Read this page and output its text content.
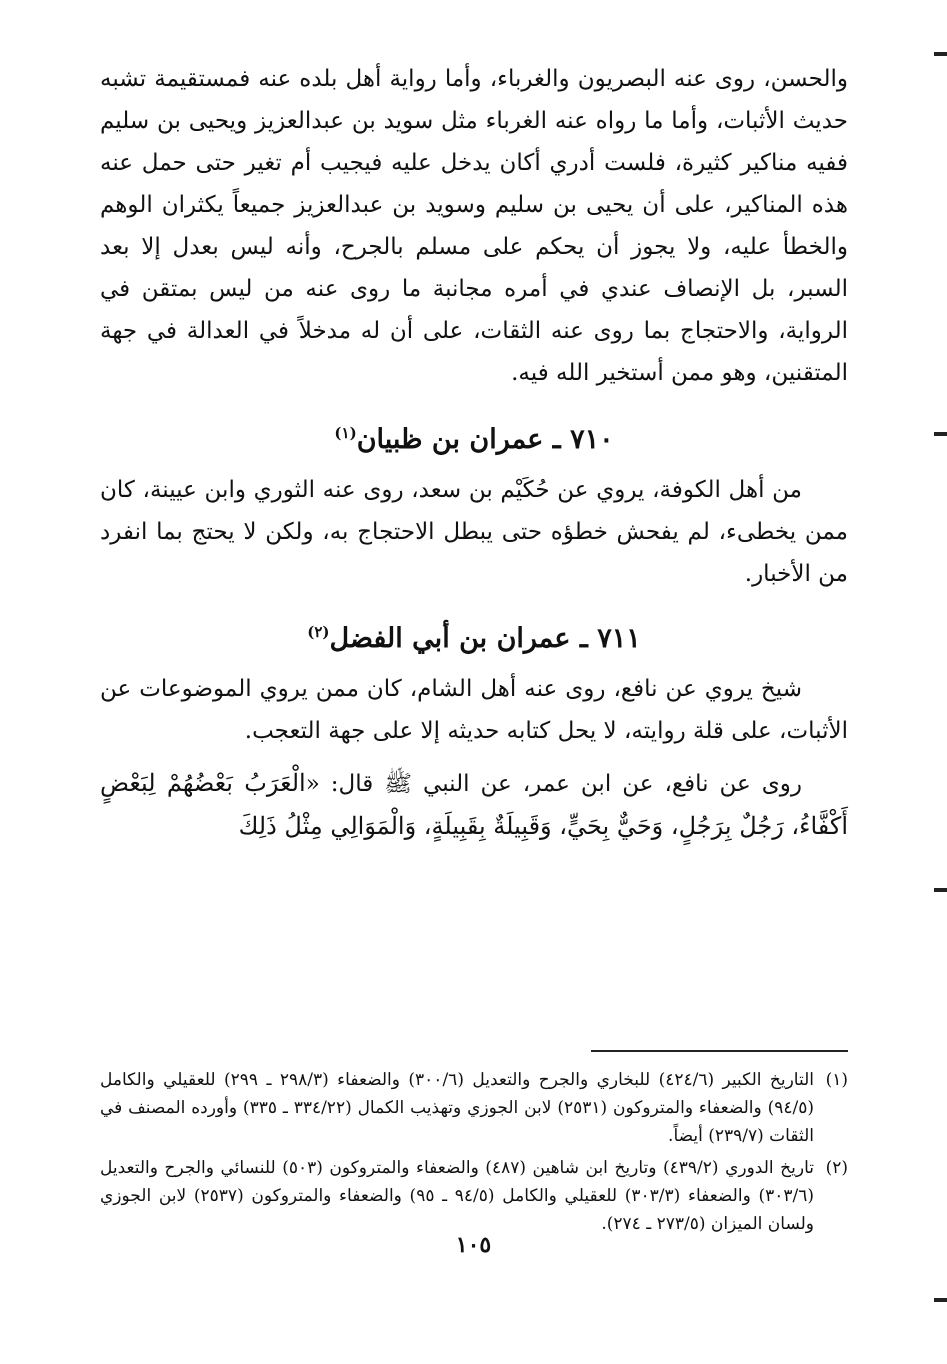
والحسن، روى عنه البصريون والغرباء، وأما رواية أهل بلده عنه فمستقيمة تشبه حديث الأثبات، وأما ما رواه عنه الغرباء مثل سويد بن عبدالعزيز ويحيى بن سليم ففيه مناكير كثيرة، فلست أدري أكان يدخل عليه فيجيب أم تغير حتى حمل عنه هذه المناكير، على أن يحيى بن سليم وسويد بن عبدالعزيز جميعاً يكثران الوهم والخطأ عليه، ولا يجوز أن يحكم على مسلم بالجرح، وأنه ليس بعدل إلا بعد السبر، بل الإنصاف عندي في أمره مجانبة ما روى عنه من ليس بمتقن في الرواية، والاحتجاج بما روى عنه الثقات، على أن له مدخلاً في العدالة في جهة المتقنين، وهو ممن أستخير الله فيه.

٧١٠ ـ عمران بن ظبيان$^{(١)}$

من أهل الكوفة، يروي عن حُكَيْم بن سعد، روى عنه الثوري وابن عيينة، كان ممن يخطىء، لم يفحش خطؤه حتى يبطل الاحتجاج به، ولكن لا يحتج بما انفرد من الأخبار.

٧١١ ـ عمران بن أبي الفضل$^{(٢)}$

شيخ يروي عن نافع، روى عنه أهل الشام، كان ممن يروي الموضوعات عن الأثبات، على قلة روايته، لا يحل كتابه حديثه إلا على جهة التعجب.

روى عن نافع، عن ابن عمر، عن النبي ﷺ قال: «الْعَرَبُ بَعْضُهُمْ لِبَعْضٍ أَكْفَّاءُ، رَجُلٌ بِرَجُلٍ، وَحَيٌّ بِحَيٍّ، وَقَبِيلَةٌ بِقَبِيلَةٍ، وَالْمَوَالِي مِثْلُ ذَلِكَ

(١)
التاريخ الكبير (٤٢٤/٦) للبخاري والجرح والتعديل (٣٠٠/٦) والضعفاء (٢٩٨/٣ ـ ٢٩٩) للعقيلي والكامل (٩٤/٥) والضعفاء والمتروكون (٢٥٣١) لابن الجوزي وتهذيب الكمال (٣٣٤/٢٢ ـ ٣٣٥) وأورده المصنف في الثقات (٢٣٩/٧) أيضاً.
(٢)
تاريخ الدوري (٤٣٩/٢) وتاريخ ابن شاهين (٤٨٧) والضعفاء والمتروكون (٥٠٣) للنسائي والجرح والتعديل (٣٠٣/٦) والضعفاء (٣٠٣/٣) للعقيلي والكامل (٩٤/٥ ـ ٩٥) والضعفاء والمتروكون (٢٥٣٧) لابن الجوزي ولسان الميزان (٢٧٣/٥ ـ ٢٧٤).
١٠٥
